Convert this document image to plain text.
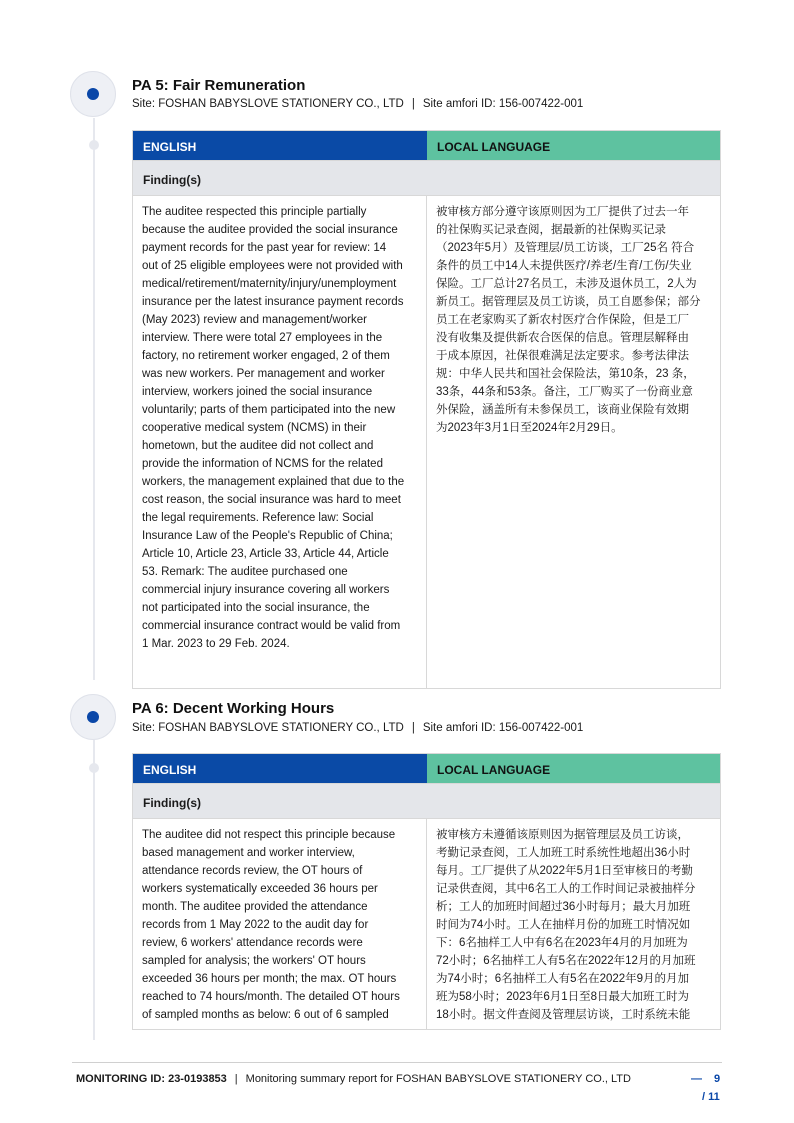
PA 5: Fair Remuneration
Site: FOSHAN BABYSLOVE STATIONERY CO., LTD | Site amfori ID: 156-007422-001
ENGLISH	LOCAL LANGUAGE
Finding(s)
The auditee respected this principle partially
because the auditee provided the social insurance
payment records for the past year for review: 14
out of 25 eligible employees were not provided with
medical/retirement/maternity/injury/unemployment
insurance per the latest insurance payment records
(May 2023) review and management/worker
interview. There were total 27 employees in the
factory, no retirement worker engaged, 2 of them
was new workers. Per management and worker
interview, workers joined the social insurance
voluntarily; parts of them participated into the new
cooperative medical system (NCMS) in their
hometown, but the auditee did not collect and
provide the information of NCMS for the related
workers, the management explained that due to the
cost reason, the social insurance was hard to meet
the legal requirements. Reference law: Social
Insurance Law of the People's Republic of China;
Article 10, Article 23, Article 33, Article 44, Article
53. Remark: The auditee purchased one
commercial injury insurance covering all workers
not participated into the social insurance, the
commercial insurance contract would be valid from
1 Mar. 2023 to 29 Feb. 2024.
被审核方部分遵守该原则因为工厂提供了过去一年
的社保购买记录查阅，据最新的社保购买记录
（2023年5月）及管理层/员工访谈，工厂25名 符合
条件的员工中14人未提供医疗/养老/生育/工伤/失业
保险。工厂总计27名员工，未涉及退休员工，2人为
新员工。据管理层及员工访谈，员工自愿参保；部分
员工在老家购买了新农村医疗合作保险，但是工厂
没有收集及提供新农合医保的信息。管理层解释由
于成本原因，社保很难满足法定要求。参考法律法
规：中华人民共和国社会保险法，第10条，23 条，
33条，44条和53条。备注，工厂购买了一份商业意
外保险，涵盖所有未参保员工，该商业保险有效期
为2023年3月1日至2024年2月29日。
PA 6: Decent Working Hours
Site: FOSHAN BABYSLOVE STATIONERY CO., LTD | Site amfori ID: 156-007422-001
ENGLISH	LOCAL LANGUAGE
Finding(s)
The auditee did not respect this principle because
based management and worker interview,
attendance records review, the OT hours of
workers systematically exceeded 36 hours per
month. The auditee provided the attendance
records from 1 May 2022 to the audit day for
review, 6 workers' attendance records were
sampled for analysis; the workers' OT hours
exceeded 36 hours per month; the max. OT hours
reached to 74 hours/month. The detailed OT hours
of sampled months as below: 6 out of 6 sampled
被审核方未遵循该原则因为据管理层及员工访谈，
考勤记录查阅，工人加班工时系统性地超出36小时
每月。工厂提供了从2022年5月1日至审核日的考勤
记录供查阅，其中6名工人的工作时间记录被抽样分
析；工人的加班时间超过36小时每月；最大月加班
时间为74小时。工人在抽样月份的加班工时情况如
下：6名抽样工人中有6名在2023年4月的月加班为
72小时；6名抽样工人有5名在2022年12月的月加班
为74小时；6名抽样工人有5名在2022年9月的月加
班为58小时；2023年6月1日至8日最大加班工时为
18小时。据文件查阅及管理层访谈，工时系统未能
MONITORING ID: 23-0193853 | Monitoring summary report for FOSHAN BABYSLOVE STATIONERY CO., LTD	— 9
/ 11
